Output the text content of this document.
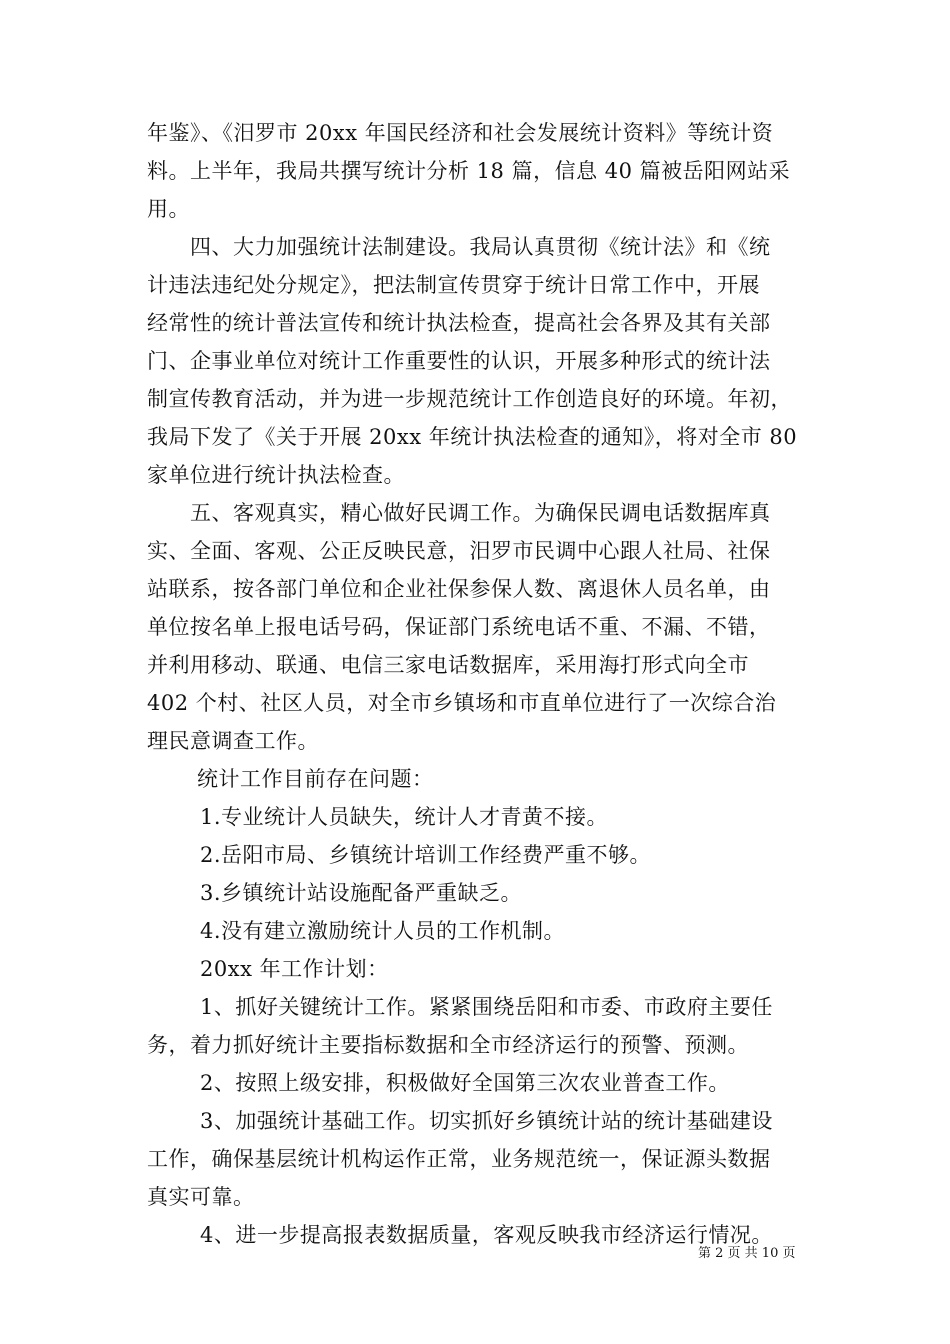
年鉴》、《汨罗市 20xx 年国民经济和社会发展统计资料》等统计资
料。上半年，我局共撰写统计分析 18 篇，信息 40 篇被岳阳网站采
用。
四、大力加强统计法制建设。我局认真贯彻《统计法》和《统
计违法违纪处分规定》，把法制宣传贯穿于统计日常工作中，开展
经常性的统计普法宣传和统计执法检查，提高社会各界及其有关部
门、企事业单位对统计工作重要性的认识，开展多种形式的统计法
制宣传教育活动，并为进一步规范统计工作创造良好的环境。年初，
我局下发了《关于开展 20xx 年统计执法检查的通知》，将对全市 80
家单位进行统计执法检查。
五、客观真实，精心做好民调工作。为确保民调电话数据库真
实、全面、客观、公正反映民意，汨罗市民调中心跟人社局、社保
站联系，按各部门单位和企业社保参保人数、离退休人员名单，由
单位按名单上报电话号码，保证部门系统电话不重、不漏、不错，
并利用移动、联通、电信三家电话数据库，采用海打形式向全市
402 个村、社区人员，对全市乡镇场和市直单位进行了一次综合治
理民意调查工作。
统计工作目前存在问题：
1.专业统计人员缺失，统计人才青黄不接。
2.岳阳市局、乡镇统计培训工作经费严重不够。
3.乡镇统计站设施配备严重缺乏。
4.没有建立激励统计人员的工作机制。
20xx 年工作计划：
1、抓好关键统计工作。紧紧围绕岳阳和市委、市政府主要任
务，着力抓好统计主要指标数据和全市经济运行的预警、预测。
2、按照上级安排，积极做好全国第三次农业普查工作。
3、加强统计基础工作。切实抓好乡镇统计站的统计基础建设
工作，确保基层统计机构运作正常，业务规范统一，保证源头数据
真实可靠。
4、进一步提高报表数据质量，客观反映我市经济运行情况。
第 2 页 共 10 页
